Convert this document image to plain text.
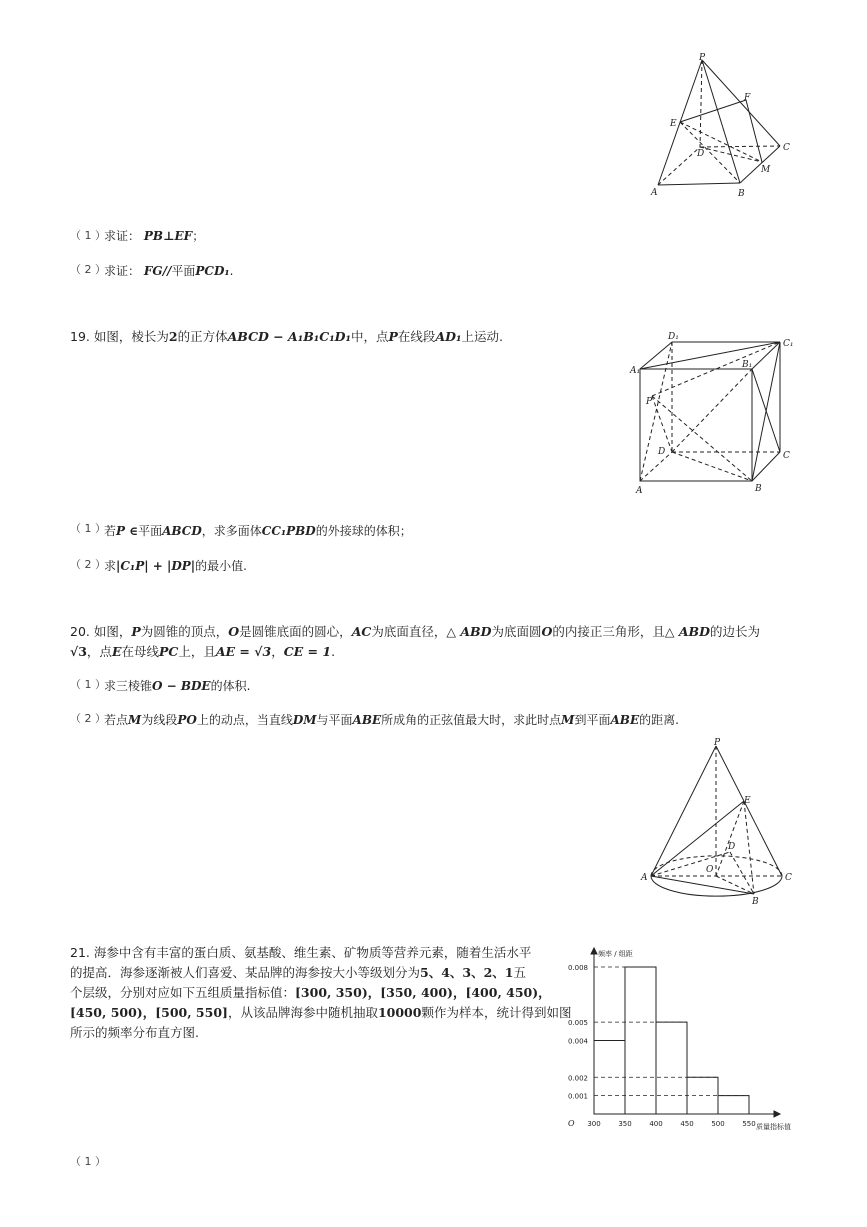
P
F
E
D
C
M
A	B
（ 1 ）
求证： PB⊥EF；
（ 2 ）
求证： FG//平面PCD₁.
19. 如图，棱长为2的正方体ABCD − A₁B₁C₁D₁中，点P在线段AD₁上运动.	D₁
C₁
A₁
B₁
P
D	C
A	B
（ 1 ）
若P ∈平面ABCD，求多面体CC₁PBD的外接球的体积；
（ 2 ）
求|C₁P| + |DP|的最小值.
20. 如图，P为圆锥的顶点，O是圆锥底面的圆心，AC为底面直径，△ ABD为底面圆O的内接正三角形，且△ ABD的边长为
√3，点E在母线PC上，且AE = √3，CE = 1.
（ 1 ）
求三棱锥O − BDE的体积.
（ 2 ）
若点M为线段PO上的动点，当直线DM与平面ABE所成角的正弦值最大时，求此时点M到平面ABE的距离.
P
E
D
A
O
C
B
21. 海参中含有丰富的蛋白质、氨基酸、维生素、矿物质等营养元素，随着生活水平
的提高．海参逐渐被人们喜爱、某品牌的海参按大小等级划分为5、4、3、2、1五
个层级，分别对应如下五组质量指标值：[300, 350)，[350, 400)，[400, 450)，
[450, 500)，[500, 550]，从该品牌海参中随机抽取10000颗作为样本，统计得到如图
所示的频率分布直方图.
0.001
0.002
0.004
0.005
0.008
300	350	400	450	500	550
O
频率 / 组距
质量指标值
（ 1 ）
